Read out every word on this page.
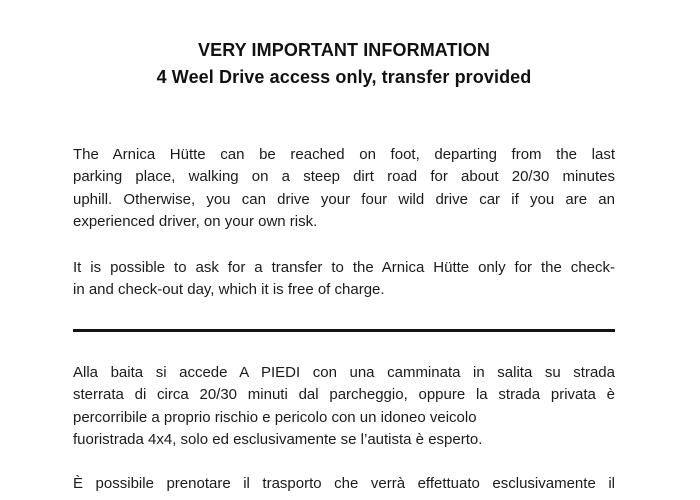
VERY IMPORTANT INFORMATION
4 Weel Drive access only, transfer provided

The Arnica Hütte can be reached on foot, departing from the last
parking place, walking on a steep dirt road for about 20/30 minutes
uphill. Otherwise, you can drive your four wild drive car if you are an
experienced driver, on your own risk.

It is possible to ask for a transfer to the Arnica Hütte only for the check-
in and check-out day, which it is free of charge.

Alla baita si accede A PIEDI con una camminata in salita su strada
sterrata di circa 20/30 minuti dal parcheggio, oppure la strada privata è
percorribile a proprio rischio e pericolo con un idoneo veicolo
fuoristrada 4x4, solo ed esclusivamente se l’autista è esperto.

È possibile prenotare il trasporto che verrà effettuato esclusivamente il
